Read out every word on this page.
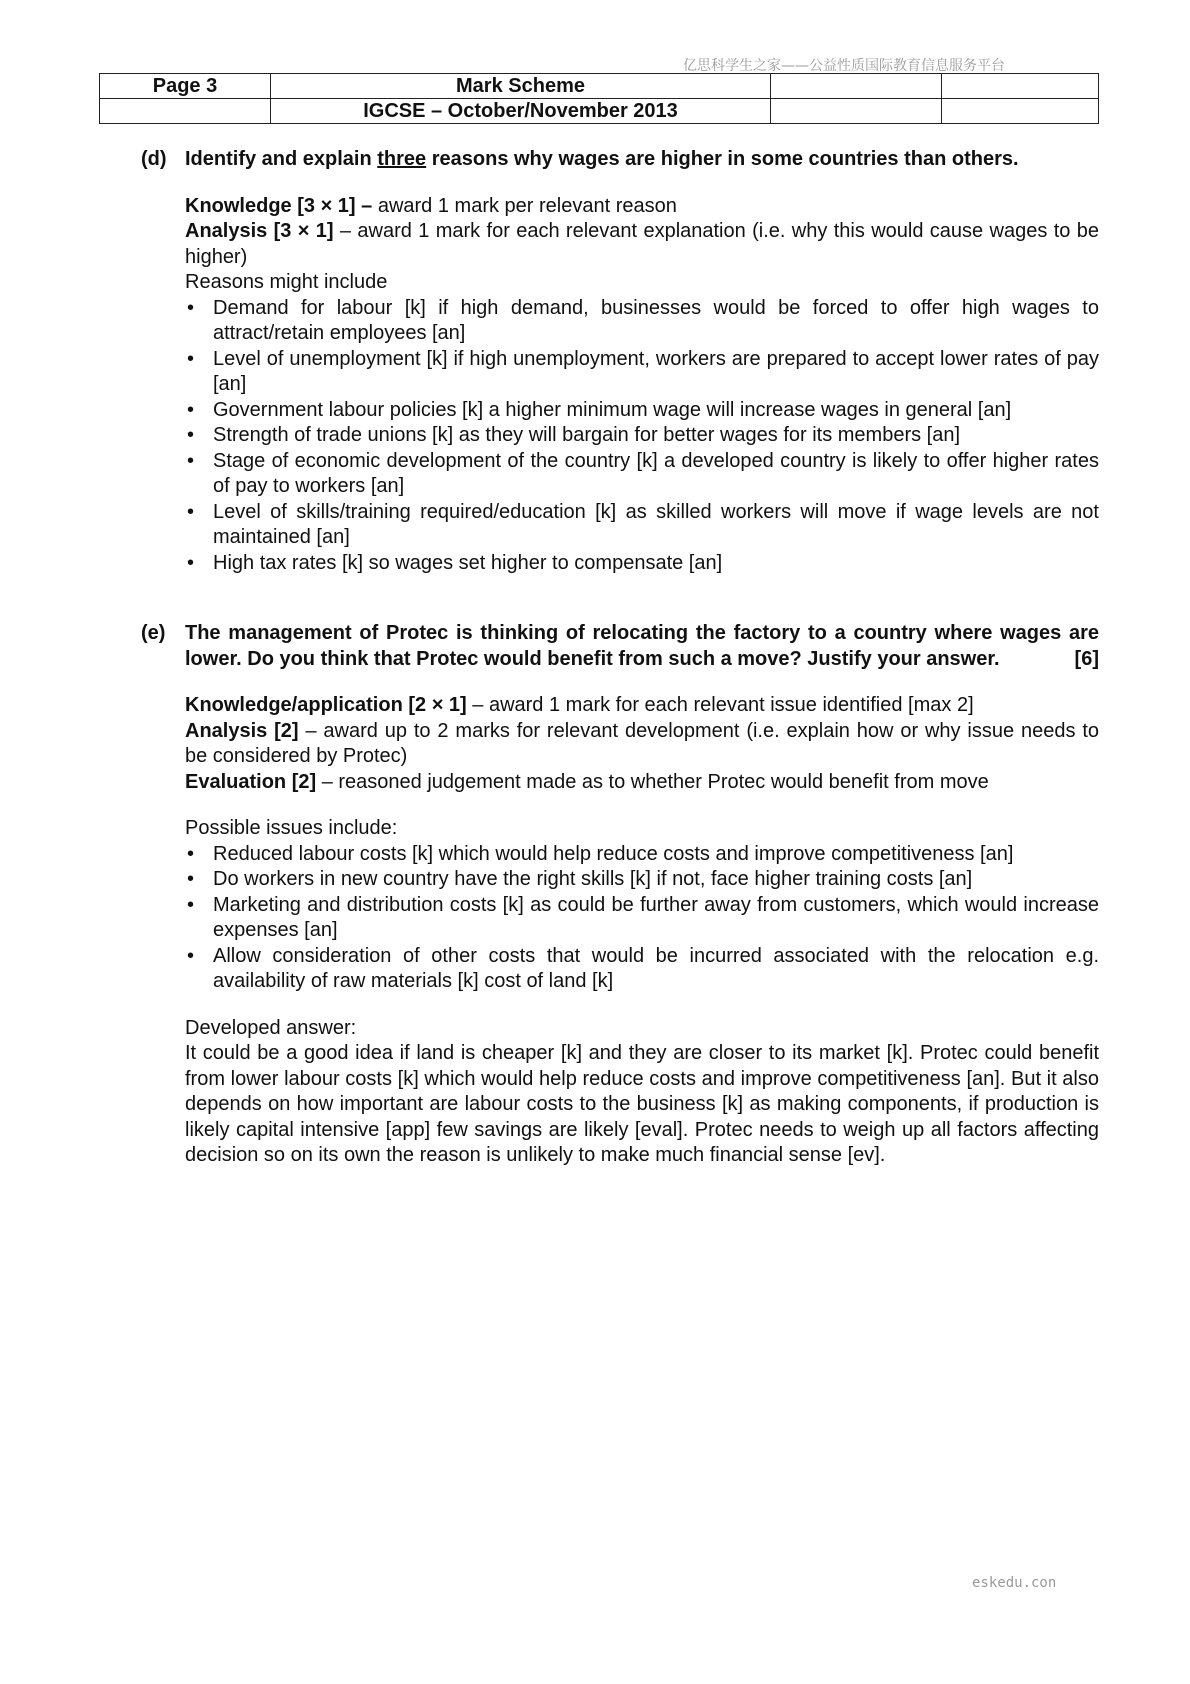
亿思科学生之家——公益性质国际教育信息服务平台
Page 3	Mark Scheme		
	IGCSE – October/November 2013		
(d) Identify and explain three reasons why wages are higher in some countries than others.

Knowledge [3 × 1] – award 1 mark per relevant reason

Analysis [3 × 1] – award 1 mark for each relevant explanation (i.e. why this would cause wages to be higher)

Reasons might include

• Demand for labour [k] if high demand, businesses would be forced to offer high wages to attract/retain employees [an]
• Level of unemployment [k] if high unemployment, workers are prepared to accept lower rates of pay [an]
• Government labour policies [k] a higher minimum wage will increase wages in general [an]
• Strength of trade unions [k] as they will bargain for better wages for its members [an]
• Stage of economic development of the country [k] a developed country is likely to offer higher rates of pay to workers [an]
• Level of skills/training required/education [k] as skilled workers will move if wage levels are not maintained [an]
• High tax rates [k] so wages set higher to compensate [an]
(e) The management of Protec is thinking of relocating the factory to a country where wages are lower. Do you think that Protec would benefit from such a move? Justify your answer.	[6]

Knowledge/application [2 × 1] – award 1 mark for each relevant issue identified [max 2]

Analysis [2] – award up to 2 marks for relevant development (i.e. explain how or why issue needs to be considered by Protec)

Evaluation [2] – reasoned judgement made as to whether Protec would benefit from move

Possible issues include:

• Reduced labour costs [k] which would help reduce costs and improve competitiveness [an]
• Do workers in new country have the right skills [k] if not, face higher training costs [an]
• Marketing and distribution costs [k] as could be further away from customers, which would increase expenses [an]
• Allow consideration of other costs that would be incurred associated with the relocation e.g. availability of raw materials [k] cost of land [k]

Developed answer:

It could be a good idea if land is cheaper [k] and they are closer to its market [k]. Protec could benefit from lower labour costs [k] which would help reduce costs and improve competitiveness [an]. But it also depends on how important are labour costs to the business [k] as making components, if production is likely capital intensive [app] few savings are likely [eval]. Protec needs to weigh up all factors affecting decision so on its own the reason is unlikely to make much financial sense [ev].

eskedu.con
